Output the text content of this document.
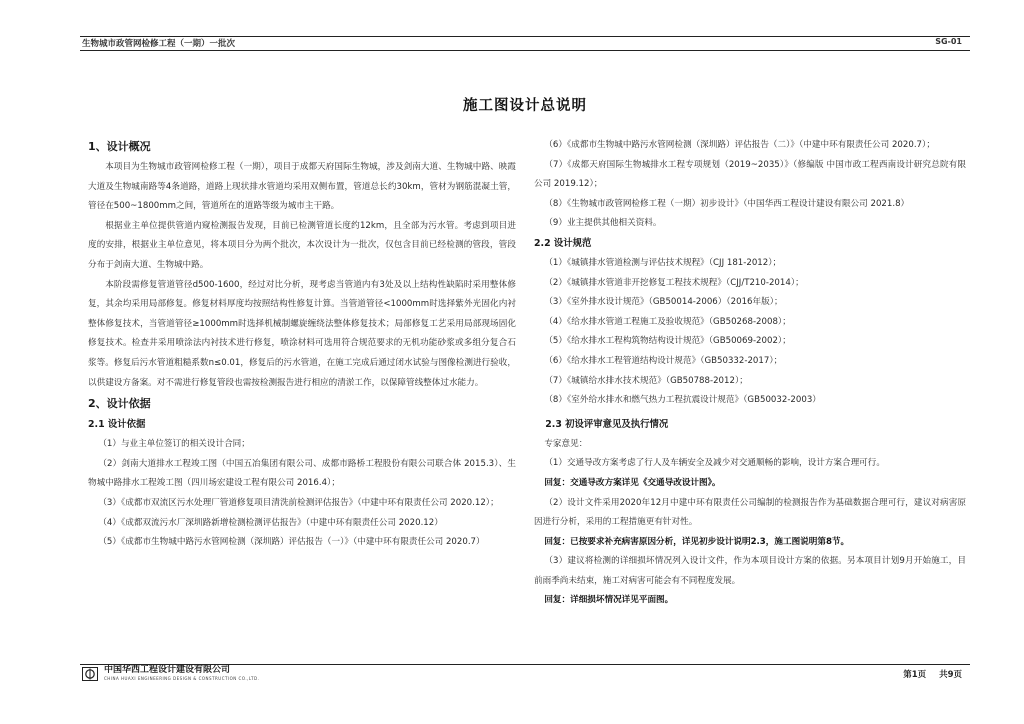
生物城市政管网检修工程（一期）一批次	SG-01
施工图设计总说明

1、设计概况

本项目为生物城市政管网检修工程（一期），项目于成都天府国际生物城，涉及剑南大道、生物城中路、映霞大道及生物城南路等4条道路，道路上现状排水管道均采用双侧布置，管道总长约30km，管材为钢筋混凝土管，管径在500~1800mm之间，管道所在的道路等级为城市主干路。

根据业主单位提供管道内窥检测报告发现，目前已检测管道长度约12km，且全部为污水管。考虑到项目进度的安排，根据业主单位意见，将本项目分为两个批次，本次设计为一批次，仅包含目前已经检测的管段，管段分布于剑南大道、生物城中路。

本阶段需修复管道管径d500-1600，经过对比分析，现考虑当管道内有3处及以上结构性缺陷时采用整体修复，其余均采用局部修复。修复材料厚度均按照结构性修复计算。当管道管径<1000mm时选择紫外光固化内衬整体修复技术，当管道管径≥1000mm时选择机械制螺旋缠绕法整体修复技术；局部修复工艺采用局部现场固化修复技术。检查井采用喷涂法内衬技术进行修复，喷涂材料可选用符合规范要求的无机功能砂浆或多组分复合石浆等。修复后污水管道粗糙系数n≤0.01，修复后的污水管道，在施工完成后通过闭水试验与图像检测进行验收，以供建设方备案。对不需进行修复管段也需按检测报告进行相应的清淤工作，以保障管线整体过水能力。

2、设计依据

2.1 设计依据

（1）与业主单位签订的相关设计合同；

（2）剑南大道排水工程竣工图（中国五冶集团有限公司、成都市路桥工程股份有限公司联合体 2015.3）、生物城中路排水工程竣工图（四川场宏建设工程有限公司 2016.4）；

（3）《成都市双流区污水处理厂管道修复项目清洗前检测评估报告》（中建中环有限责任公司 2020.12）；

（4）《成都双流污水厂深圳路新增检测检测评估报告》（中建中环有限责任公司 2020.12）

（5）《成都市生物城中路污水管网检测（深圳路）评估报告（一）》（中建中环有限责任公司 2020.7）

（6）《成都市生物城中路污水管网检测（深圳路）评估报告（二）》（中建中环有限责任公司 2020.7）；

（7）《成都天府国际生物城排水工程专项规划（2019~2035）》（修编版 中国市政工程西南设计研究总院有限公司 2019.12）；

（8）《生物城市政管网检修工程（一期）初步设计》（中国华西工程设计建设有限公司 2021.8）

（9）业主提供其他相关资料。

2.2 设计规范

（1）《城镇排水管道检测与评估技术规程》（CJJ 181-2012）；

（2）《城镇排水管道非开挖修复工程技术规程》（CJJ/T210-2014）；

（3）《室外排水设计规范》（GB50014-2006）（2016年版）；

（4）《给水排水管道工程施工及验收规范》（GB50268-2008）；

（5）《给水排水工程构筑物结构设计规范》（GB50069-2002）；

（6）《给水排水工程管道结构设计规范》（GB50332-2017）；

（7）《城镇给水排水技术规范》（GB50788-2012）；

（8）《室外给水排水和燃气热力工程抗震设计规范》（GB50032-2003）

2.3 初设评审意见及执行情况

专家意见：

（1）交通导改方案考虑了行人及车辆安全及减少对交通顺畅的影响，设计方案合理可行。

回复：交通导改方案详见《交通导改设计图》。

（2）设计文件采用2020年12月中建中环有限责任公司编制的检测报告作为基础数据合理可行，建议对病害原因进行分析，采用的工程措施更有针对性。

回复：已按要求补充病害原因分析，详见初步设计说明2.3，施工图说明第8节。

（3）建议将检测的详细损坏情况列入设计文件，作为本项目设计方案的依据。另本项目计划9月开始施工，目前雨季尚未结束，施工对病害可能会有不同程度发展。

回复：详细损坏情况详见平面图。

中国华西工程设计建设有限公司
CHINA HUAXI ENGINEERING DESIGN & CONSTRUCTION CO.,LTD.	第1页 共9页
